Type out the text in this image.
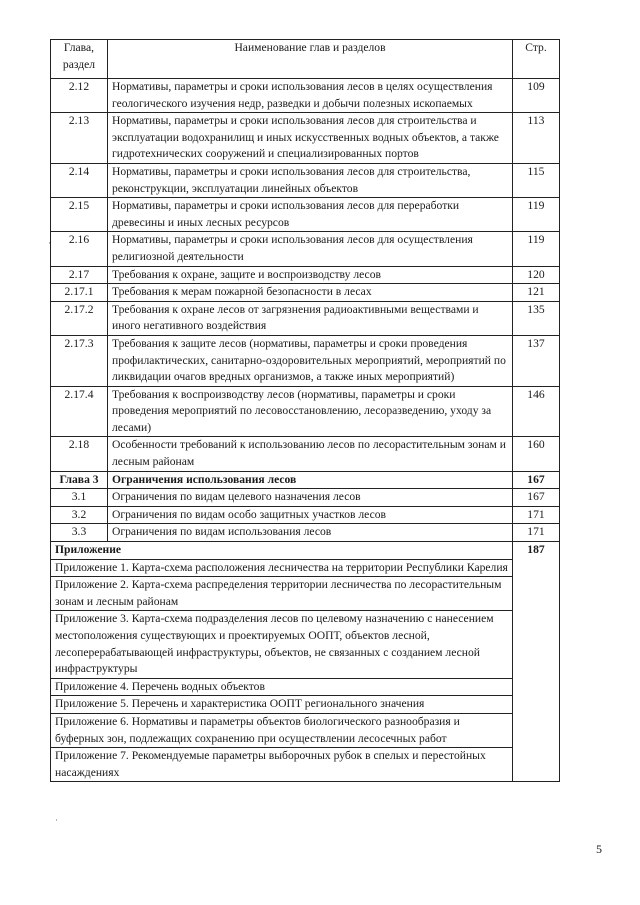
Глава, раздел	Наименование глав и разделов	Стр.
2.12	Нормативы, параметры и сроки использования лесов в целях осуществления геологического изучения недр, разведки и добычи полезных ископаемых	109
2.13	Нормативы, параметры и сроки использования лесов для строительства и эксплуатации водохранилищ и иных искусственных водных объектов, а также гидротехнических сооружений и специализированных портов	113
2.14	Нормативы, параметры и сроки использования лесов для строительства, реконструкции, эксплуатации линейных объектов	115
2.15	Нормативы, параметры и сроки использования лесов для переработки древесины и иных лесных ресурсов	119
2.16	Нормативы, параметры и сроки использования лесов для осуществления религиозной деятельности	119
2.17	Требования к охране, защите и воспроизводству лесов	120
2.17.1	Требования к мерам пожарной безопасности в лесах	121
2.17.2	Требования к охране лесов от загрязнения радиоактивными веществами и иного негативного воздействия	135
2.17.3	Требования к защите лесов (нормативы, параметры и сроки проведения профилактических, санитарно-оздоровительных мероприятий, мероприятий по ликвидации очагов вредных организмов, а также иных мероприятий)	137
2.17.4	Требования к воспроизводству лесов (нормативы, параметры и сроки проведения мероприятий по лесовосстановлению, лесоразведению, уходу за лесами)	146
2.18	Особенности требований к использованию лесов по лесорастительным зонам и лесным районам	160
Глава 3	Ограничения использования лесов	167
3.1	Ограничения по видам целевого назначения лесов	167
3.2	Ограничения по видам особо защитных участков лесов	171
3.3	Ограничения по видам использования лесов	171
Приложение		187
Приложение 1. Карта-схема расположения лесничества на территории Республики Карелия		
Приложение 2. Карта-схема распределения территории лесничества по лесорастительным зонам и лесным районам		
Приложение 3. Карта-схема подразделения лесов по целевому назначению с нанесением местоположения существующих и проектируемых ООПТ, объектов лесной, лесоперерабатывающей инфраструктуры, объектов, не связанных с созданием лесной инфраструктуры		
Приложение 4. Перечень водных объектов		
Приложение 5. Перечень и характеристика ООПТ регионального значения		
Приложение 6. Нормативы и параметры объектов биологического разнообразия и буферных зон, подлежащих сохранению при осуществлении лесосечных работ		
Приложение 7. Рекомендуемые параметры выборочных рубок в спелых и перестойных насаждениях		
5
·
·
